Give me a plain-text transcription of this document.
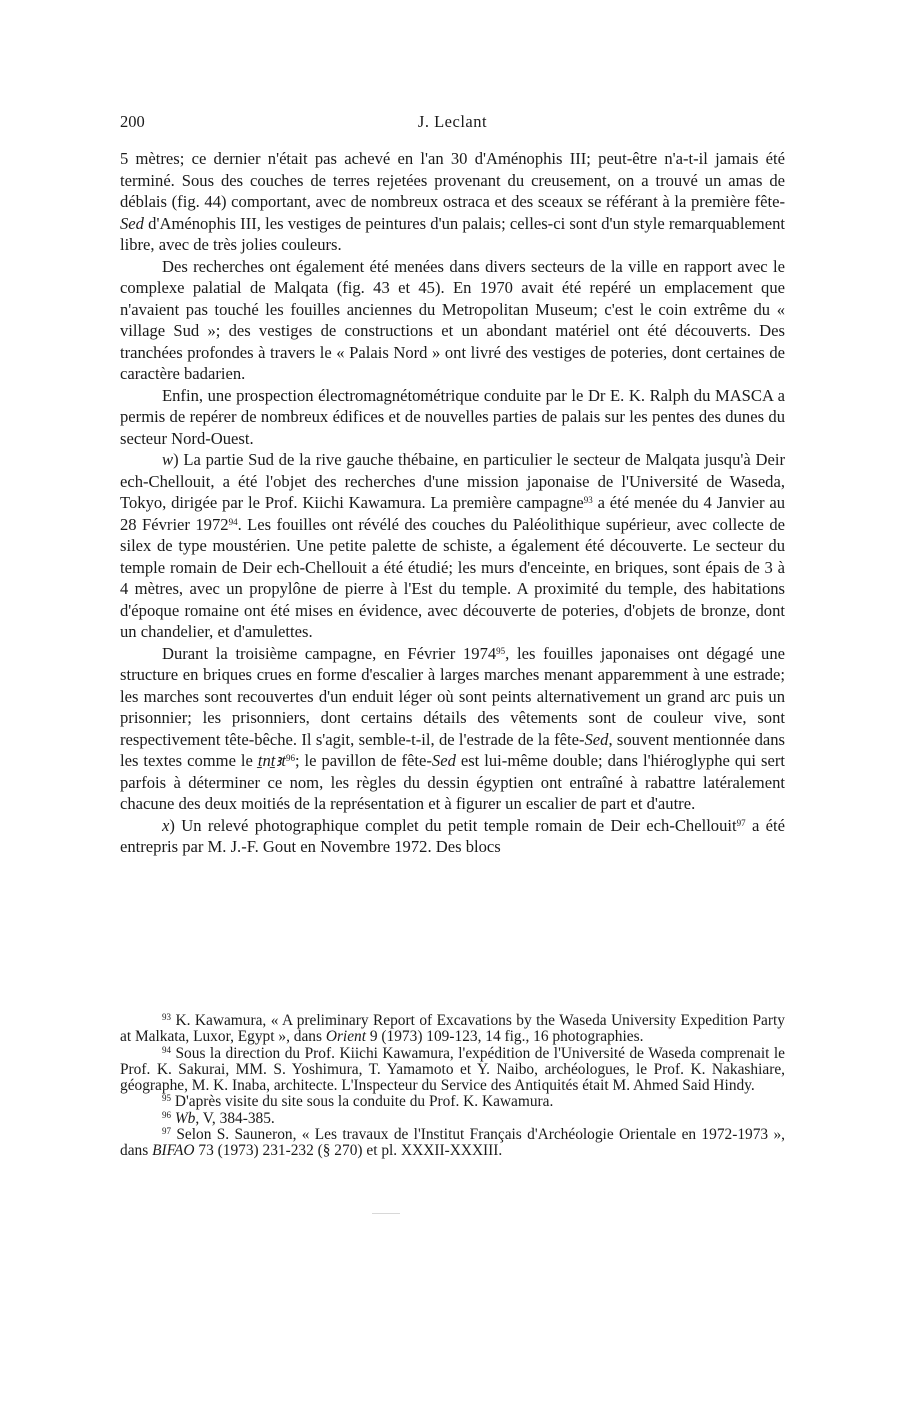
200	J. Leclant

5 mètres; ce dernier n'était pas achevé en l'an 30 d'Aménophis III; peut-être n'a-t-il jamais été terminé. Sous des couches de terres rejetées provenant du creusement, on a trouvé un amas de déblais (fig. 44) comportant, avec de nombreux ostraca et des sceaux se référant à la première fête-Sed d'Aménophis III, les vestiges de peintures d'un palais; celles-ci sont d'un style remarquablement libre, avec de très jolies couleurs.

Des recherches ont également été menées dans divers secteurs de la ville en rapport avec le complexe palatial de Malqata (fig. 43 et 45). En 1970 avait été repéré un emplacement que n'avaient pas touché les fouilles anciennes du Metropolitan Museum; c'est le coin extrême du « village Sud »; des vestiges de constructions et un abondant matériel ont été découverts. Des tranchées profondes à travers le « Palais Nord » ont livré des vestiges de poteries, dont certaines de caractère badarien.

Enfin, une prospection électromagnétométrique conduite par le Dr E. K. Ralph du MASCA a permis de repérer de nombreux édifices et de nouvelles parties de palais sur les pentes des dunes du secteur Nord-Ouest.

w) La partie Sud de la rive gauche thébaine, en particulier le secteur de Malqata jusqu'à Deir ech-Chellouit, a été l'objet des recherches d'une mission japonaise de l'Université de Waseda, Tokyo, dirigée par le Prof. Kiichi Kawamura. La première campagne$^{93}$ a été menée du 4 Janvier au 28 Février 1972$^{94}$. Les fouilles ont révélé des couches du Paléolithique supérieur, avec collecte de silex de type moustérien. Une petite palette de schiste, a également été découverte. Le secteur du temple romain de Deir ech-Chellouit a été étudié; les murs d'enceinte, en briques, sont épais de 3 à 4 mètres, avec un propylône de pierre à l'Est du temple. A proximité du temple, des habitations d'époque romaine ont été mises en évidence, avec découverte de poteries, d'objets de bronze, dont un chandelier, et d'amulettes.

Durant la troisième campagne, en Février 1974$^{95}$, les fouilles japonaises ont dégagé une structure en briques crues en forme d'escalier à larges marches menant apparemment à une estrade; les marches sont recouvertes d'un enduit léger où sont peints alternativement un grand arc puis un prisonnier; les prisonniers, dont certains détails des vêtements sont de couleur vive, sont respectivement tête-bêche. Il s'agit, semble-t-il, de l'estrade de la fête-Sed, souvent mentionnée dans les textes comme le ṯnṯꜣt$^{96}$; le pavillon de fête-Sed est lui-même double; dans l'hiéroglyphe qui sert parfois à déterminer ce nom, les règles du dessin égyptien ont entraîné à rabattre latéralement chacune des deux moitiés de la représentation et à figurer un escalier de part et d'autre.

x) Un relevé photographique complet du petit temple romain de Deir ech-Chellouit$^{97}$ a été entrepris par M. J.-F. Gout en Novembre 1972. Des blocs

$^{93}$ K. Kawamura, « A preliminary Report of Excavations by the Waseda University Expedition Party at Malkata, Luxor, Egypt », dans Orient 9 (1973) 109-123, 14 fig., 16 photographies.

$^{94}$ Sous la direction du Prof. Kiichi Kawamura, l'expédition de l'Université de Waseda comprenait le Prof. K. Sakurai, MM. S. Yoshimura, T. Yamamoto et Y. Naibo, archéologues, le Prof. K. Nakashiare, géographe, M. K. Inaba, architecte. L'Inspecteur du Service des Antiquités était M. Ahmed Said Hindy.

$^{95}$ D'après visite du site sous la conduite du Prof. K. Kawamura.

$^{96}$ Wb, V, 384-385.

$^{97}$ Selon S. Sauneron, « Les travaux de l'Institut Français d'Archéologie Orientale en 1972-1973 », dans BIFAO 73 (1973) 231-232 (§ 270) et pl. XXXII-XXXIII.
